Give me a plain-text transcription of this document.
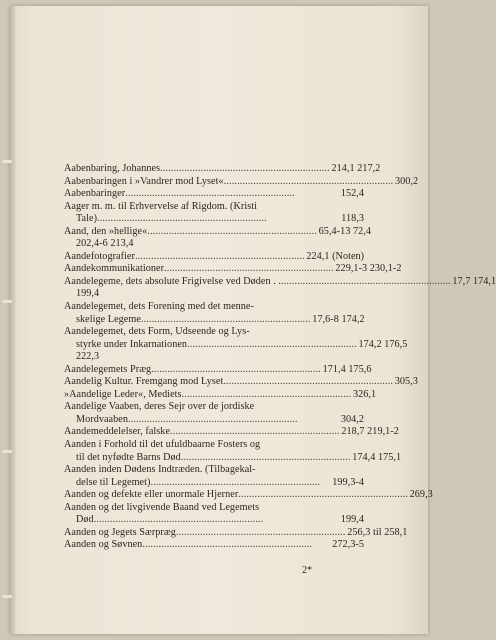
Aabenbaring, Johannes . . .	214,1 217,2
Aabenbaringen i »Vandrer mod Lyset« . . .	300,2
Aabenbaringer . . .	152,4
Aager m. m. til Erhvervelse af Rigdom. (Kristi
Tale) . . .	118,3
Aand, den »hellige« . . .	65,4-13 72,4
202,4-6 213,4
Aandefotografier . . .	224,1 (Noten)
Aandekommunikationer . . .	229,1-3 230,1-2
Aandelegeme, dets absolute Frigivelse ved Døden . . . . .	17,7 174,1
199,4
Aandelegemet, dets Forening med det menne-
skelige Legeme . . .	17,6-8 174,2
Aandelegemet, dets Form, Udseende og Lys-
styrke under Inkarnationen . . .	174,2 176,5
222,3
Aandelegemets Præg . . .	171,4 175,6
Aandelig Kultur. Fremgang mod Lyset . . .	305,3
»Aandelige Leder«, Mediets . . .	326,1
Aandelige Vaaben, deres Sejr over de jordiske
Mordvaaben . . .	304,2
Aandemeddelelser, falske . . .	218,7 219,1-2
Aanden i Forhold til det ufuldbaarne Fosters og
til det nyfødte Barns Død . . .	174,4 175,1
Aanden inden Dødens Indtræden. (Tilbagekal-
delse til Legemet) . . .	199,3-4
Aanden og defekte eller unormale Hjerner . . .	269,3
Aanden og det livgivende Baand ved Legemets
Død . . .	199,4
Aanden og Jegets Særpræg . . .	256,3 til 258,1
Aanden og Søvnen . . .	272,3-5
2*
